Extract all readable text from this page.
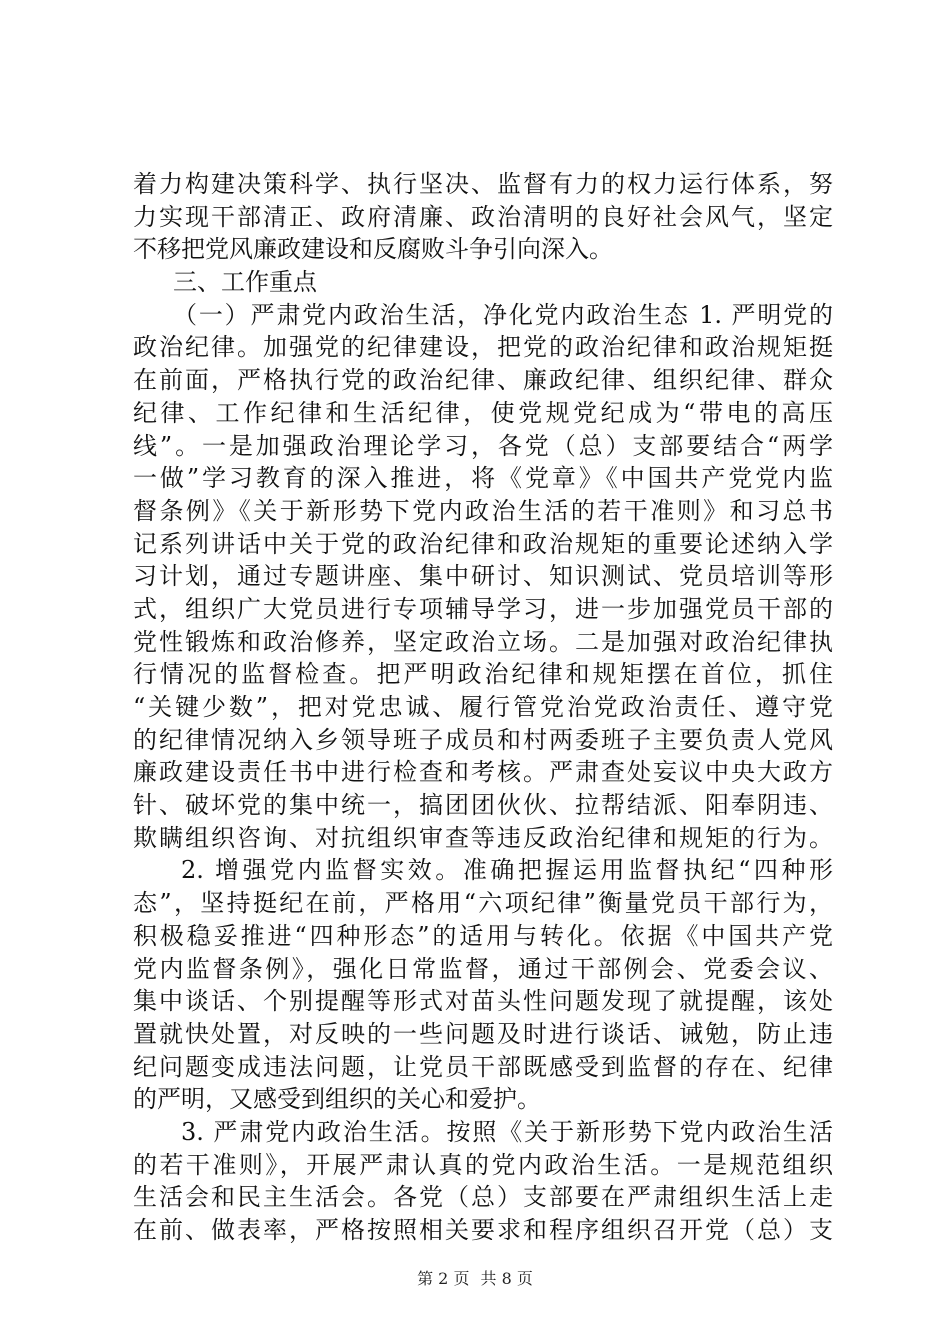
着力构建决策科学、执行坚决、监督有力的权力运行体系，努
力实现干部清正、政府清廉、政治清明的良好社会风气，坚定
不移把党风廉政建设和反腐败斗争引向深入。
三、工作重点
（一）严肃党内政治生活，净化党内政治生态 1. 严明党的
政治纪律。加强党的纪律建设，把党的政治纪律和政治规矩挺
在前面，严格执行党的政治纪律、廉政纪律、组织纪律、群众
纪律、工作纪律和生活纪律，使党规党纪成为“带电的高压
线”。一是加强政治理论学习，各党（总）支部要结合“两学
一做”学习教育的深入推进，将《党章》《中国共产党党内监
督条例》《关于新形势下党内政治生活的若干准则》和习总书
记系列讲话中关于党的政治纪律和政治规矩的重要论述纳入学
习计划，通过专题讲座、集中研讨、知识测试、党员培训等形
式，组织广大党员进行专项辅导学习，进一步加强党员干部的
党性锻炼和政治修养，坚定政治立场。二是加强对政治纪律执
行情况的监督检查。把严明政治纪律和规矩摆在首位，抓住
“关键少数”，把对党忠诚、履行管党治党政治责任、遵守党
的纪律情况纳入乡领导班子成员和村两委班子主要负责人党风
廉政建设责任书中进行检查和考核。严肃查处妄议中央大政方
针、破坏党的集中统一，搞团团伙伙、拉帮结派、阳奉阴违、
欺瞒组织咨询、对抗组织审查等违反政治纪律和规矩的行为。
2. 增强党内监督实效。准确把握运用监督执纪“四种形
态”，坚持挺纪在前，严格用“六项纪律”衡量党员干部行为，
积极稳妥推进“四种形态”的适用与转化。依据《中国共产党
党内监督条例》，强化日常监督，通过干部例会、党委会议、
集中谈话、个别提醒等形式对苗头性问题发现了就提醒，该处
置就快处置，对反映的一些问题及时进行谈话、诫勉，防止违
纪问题变成违法问题，让党员干部既感受到监督的存在、纪律
的严明，又感受到组织的关心和爱护。
3. 严肃党内政治生活。按照《关于新形势下党内政治生活
的若干准则》，开展严肃认真的党内政治生活。一是规范组织
生活会和民主生活会。各党（总）支部要在严肃组织生活上走
在前、做表率，严格按照相关要求和程序组织召开党（总）支
第 2 页 共 8 页
